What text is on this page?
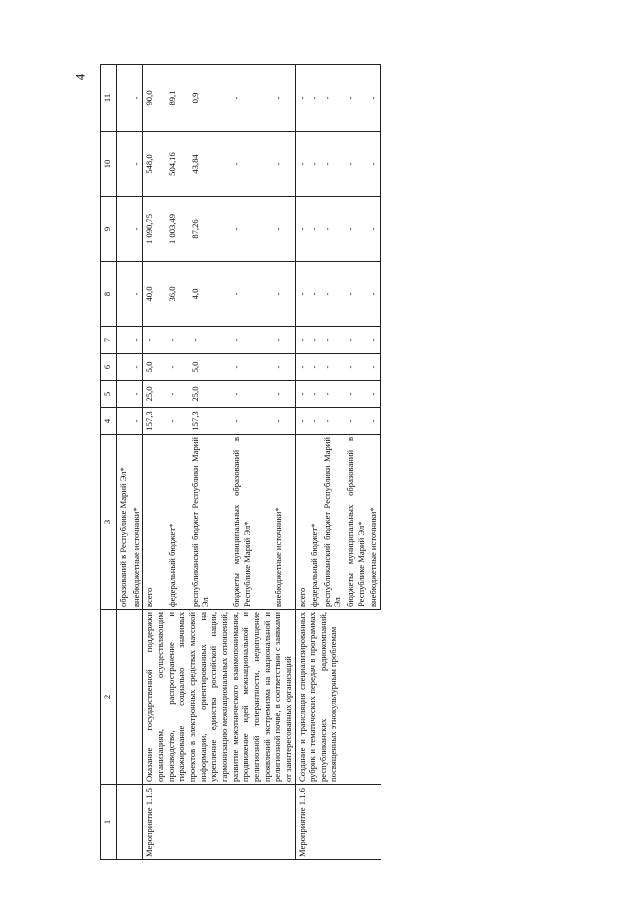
4
1	2	3	4	5	6	7	8	9	10	11
		образований в Республике Марий Эл*								
		внебюджетные источники*	-	-	-	-	-	-	-	-
Мероприятие 1.1.5	Оказание государственной поддержки организациям, осуществляющим производство, распространение и тиражирование социально значимых проектов в электронных средствах массовой информации, ориентированных на укрепление единства российской нации, гармонизацию межнациональных отношений, развитие межэтнического взаимопонимания, продвижение идей межнациональной и религиозной толерантности, недопущение проявлений экстремизма на национальной и религиозной почве, в соответствии с заявками от заинтересованных организаций	всего	157,3	25,0	5,0	-	40,0	1 090,75	548,0	90,0
		федеральный бюджет*	-	-	-	-	36,0	1 003,49	504,16	89,1
		республиканский бюджет Республики Марий Эл	157,3	25,0	5,0	-	4,0	87,26	43,84	0,9
		бюджеты муниципальных образований в Республике Марий Эл*	-	-	-	-	-	-	-	-
		внебюджетные источники*	-	-	-	-	-	-	-	-
Мероприятие 1.1.6	Создание и трансляция специализированных рубрик и тематических передач в программах республиканских радиокомпаний, посвященных этнокультурным проблемам	всего	-	-	-	-	-	-	-	-
		федеральный бюджет*	-	-	-	-	-	-	-	-
		республиканский бюджет Республики Марий Эл	-	-	-	-	-	-	-	-
		бюджеты муниципальных образований в Республике Марий Эл*	-	-	-	-	-	-	-	-
		внебюджетные источники*	-	-	-	-	-	-	-	-
